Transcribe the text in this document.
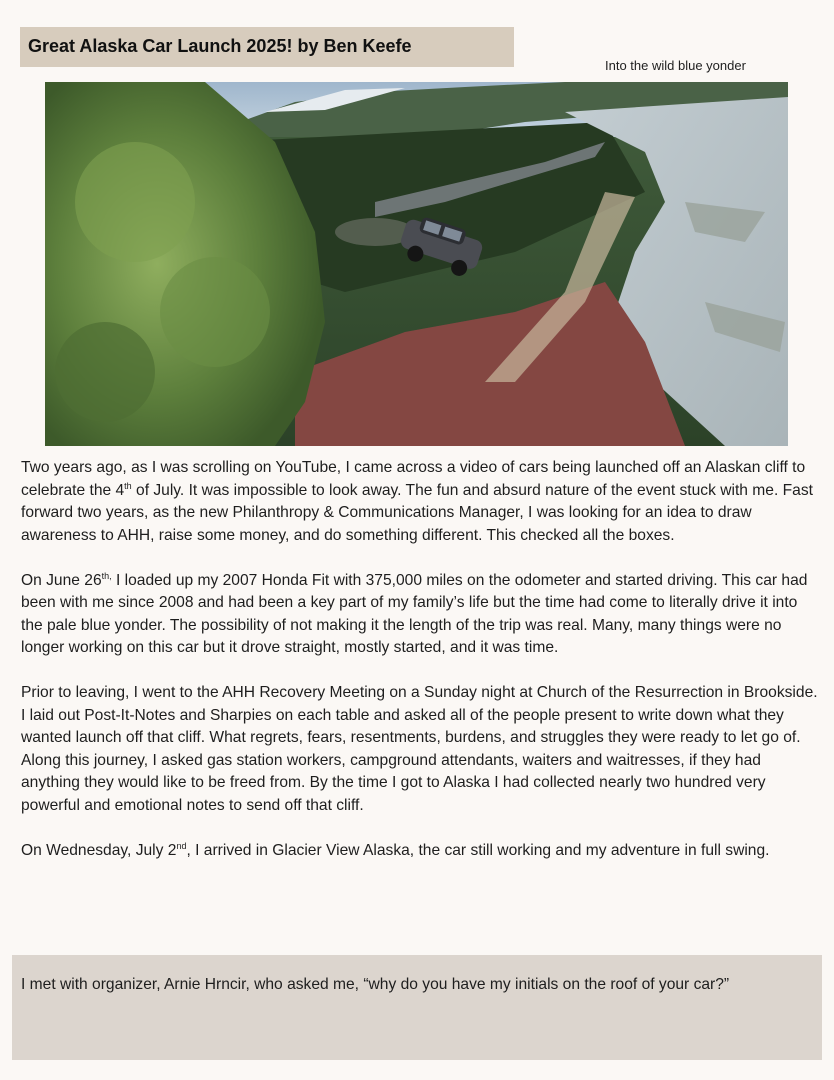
Great Alaska Car Launch 2025! by Ben Keefe
Into the wild blue yonder

Two years ago, as I was scrolling on YouTube, I came across a video of cars being launched off an Alaskan cliff to celebrate the 4th of July. It was impossible to look away. The fun and absurd nature of the event stuck with me. Fast forward two years, as the new Philanthropy & Communications Manager, I was looking for an idea to draw awareness to AHH, raise some money, and do something different. This checked all the boxes.

On June $26^{th,}$ I loaded up my 2007 Honda Fit with 375,000 miles on the odometer and started driving. This car had been with me since 2008 and had been a key part of my family’s life but the time had come to literally drive it into the pale blue yonder. The possibility of not making it the length of the trip was real. Many, many things were no longer working on this car but it drove straight, mostly started, and it was time.

Prior to leaving, I went to the AHH Recovery Meeting on a Sunday night at Church of the Resurrection in Brookside. I laid out Post-It-Notes and Sharpies on each table and asked all of the people present to write down what they wanted launch off that cliff. What regrets, fears, resentments, burdens, and struggles they were ready to let go of. Along this journey, I asked gas station workers, campground attendants, waiters and waitresses, if they had anything they would like to be freed from. By the time I got to Alaska I had collected nearly two hundred very powerful and emotional notes to send off that cliff.

On Wednesday, July 2nd, I arrived in Glacier View Alaska, the car still working and my adventure in full swing.

I met with organizer, Arnie Hrncir, who asked me, “why do you have my initials on the roof of your car?”
